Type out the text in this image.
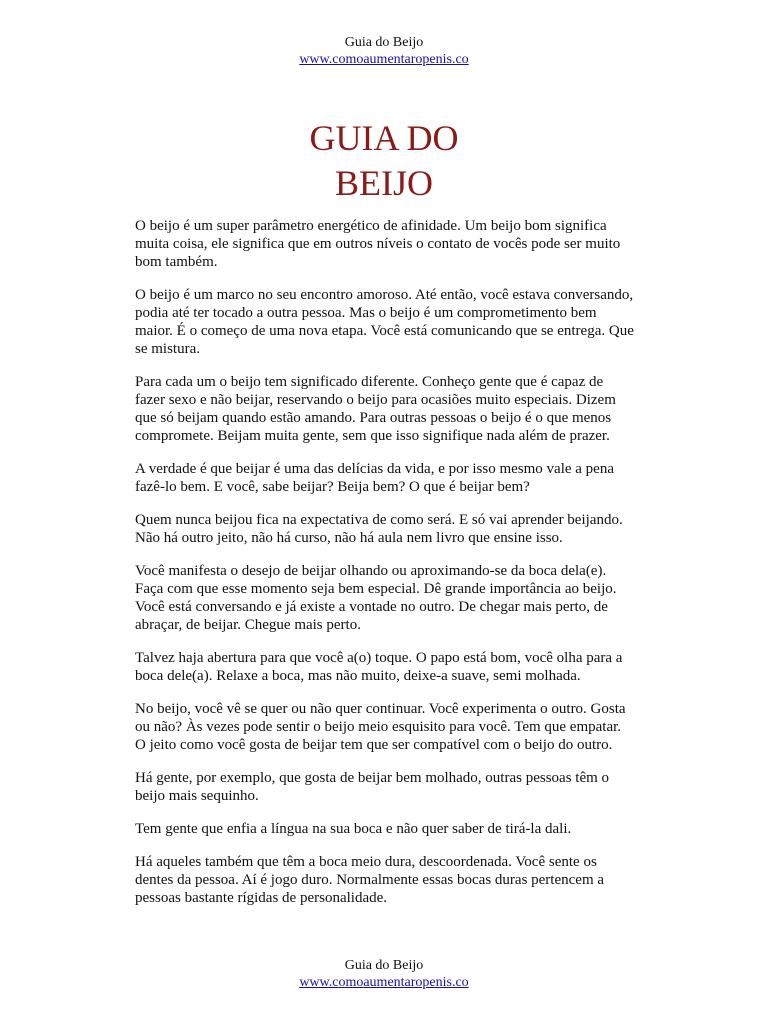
Guia do Beijo
www.comoaumentaropenis.co
GUIA DO
BEIJO

O beijo é um super parâmetro energético de afinidade. Um beijo bom significa muita coisa, ele significa que em outros níveis o contato de vocês pode ser muito bom também.

O beijo é um marco no seu encontro amoroso. Até então, você estava conversando, podia até ter tocado a outra pessoa. Mas o beijo é um comprometimento bem maior. É o começo de uma nova etapa. Você está comunicando que se entrega. Que se mistura.

Para cada um o beijo tem significado diferente. Conheço gente que é capaz de fazer sexo e não beijar, reservando o beijo para ocasiões muito especiais. Dizem que só beijam quando estão amando. Para outras pessoas o beijo é o que menos compromete. Beijam muita gente, sem que isso signifique nada além de prazer.

A verdade é que beijar é uma das delícias da vida, e por isso mesmo vale a pena fazê-lo bem. E você, sabe beijar? Beija bem? O que é beijar bem?

Quem nunca beijou fica na expectativa de como será. E só vai aprender beijando. Não há outro jeito, não há curso, não há aula nem livro que ensine isso.

Você manifesta o desejo de beijar olhando ou aproximando-se da boca dela(e). Faça com que esse momento seja bem especial. Dê grande importância ao beijo. Você está conversando e já existe a vontade no outro. De chegar mais perto, de abraçar, de beijar. Chegue mais perto.

Talvez haja abertura para que você a(o) toque. O papo está bom, você olha para a boca dele(a). Relaxe a boca, mas não muito, deixe-a suave, semi molhada.

No beijo, você vê se quer ou não quer continuar. Você experimenta o outro. Gosta ou não? Às vezes pode sentir o beijo meio esquisito para você. Tem que empatar. O jeito como você gosta de beijar tem que ser compatível com o beijo do outro.

Há gente, por exemplo, que gosta de beijar bem molhado, outras pessoas têm o beijo mais sequinho.

Tem gente que enfia a língua na sua boca e não quer saber de tirá-la dali.

Há aqueles também que têm a boca meio dura, descoordenada. Você sente os dentes da pessoa. Aí é jogo duro. Normalmente essas bocas duras pertencem a pessoas bastante rígidas de personalidade.

Guia do Beijo
www.comoaumentaropenis.co
